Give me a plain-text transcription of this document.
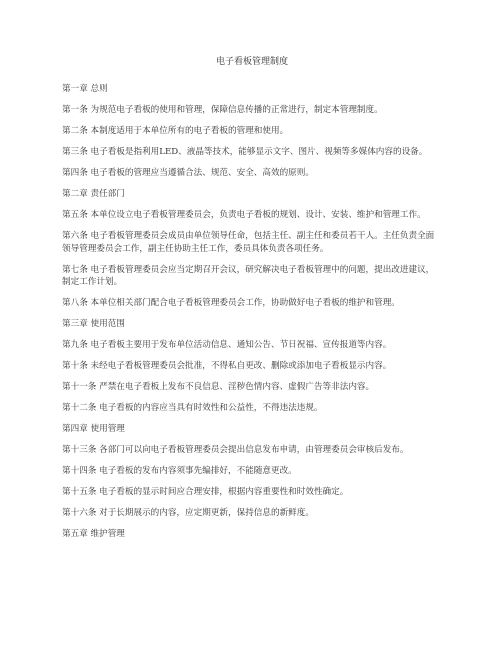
电子看板管理制度
第一章 总则
第一条 为规范电子看板的使用和管理，保障信息传播的正常进行，制定本管理制度。
第二条 本制度适用于本单位所有的电子看板的管理和使用。
第三条 电子看板是指利用LED、液晶等技术，能够显示文字、图片、视频等多媒体内容的设备。
第四条 电子看板的管理应当遵循合法、规范、安全、高效的原则。
第二章 责任部门
第五条 本单位设立电子看板管理委员会，负责电子看板的规划、设计、安装、维护和管理工作。
第六条 电子看板管理委员会成员由单位领导任命，包括主任、副主任和委员若干人。主任负责全面领导管理委员会工作，副主任协助主任工作，委员具体负责各项任务。
第七条 电子看板管理委员会应当定期召开会议，研究解决电子看板管理中的问题，提出改进建议，制定工作计划。
第八条 本单位相关部门配合电子看板管理委员会工作，协助做好电子看板的维护和管理。
第三章 使用范围
第九条 电子看板主要用于发布单位活动信息、通知公告、节日祝福、宣传报道等内容。
第十条 未经电子看板管理委员会批准，不得私自更改、删除或添加电子看板显示内容。
第十一条 严禁在电子看板上发布不良信息、淫秽色情内容、虚假广告等非法内容。
第十二条 电子看板的内容应当具有时效性和公益性，不得违法违规。
第四章 使用管理
第十三条 各部门可以向电子看板管理委员会提出信息发布申请，由管理委员会审核后发布。
第十四条 电子看板的发布内容须事先编排好，不能随意更改。
第十五条 电子看板的显示时间应合理安排，根据内容重要性和时效性确定。
第十六条 对于长期展示的内容，应定期更新，保持信息的新鲜度。
第五章 维护管理
